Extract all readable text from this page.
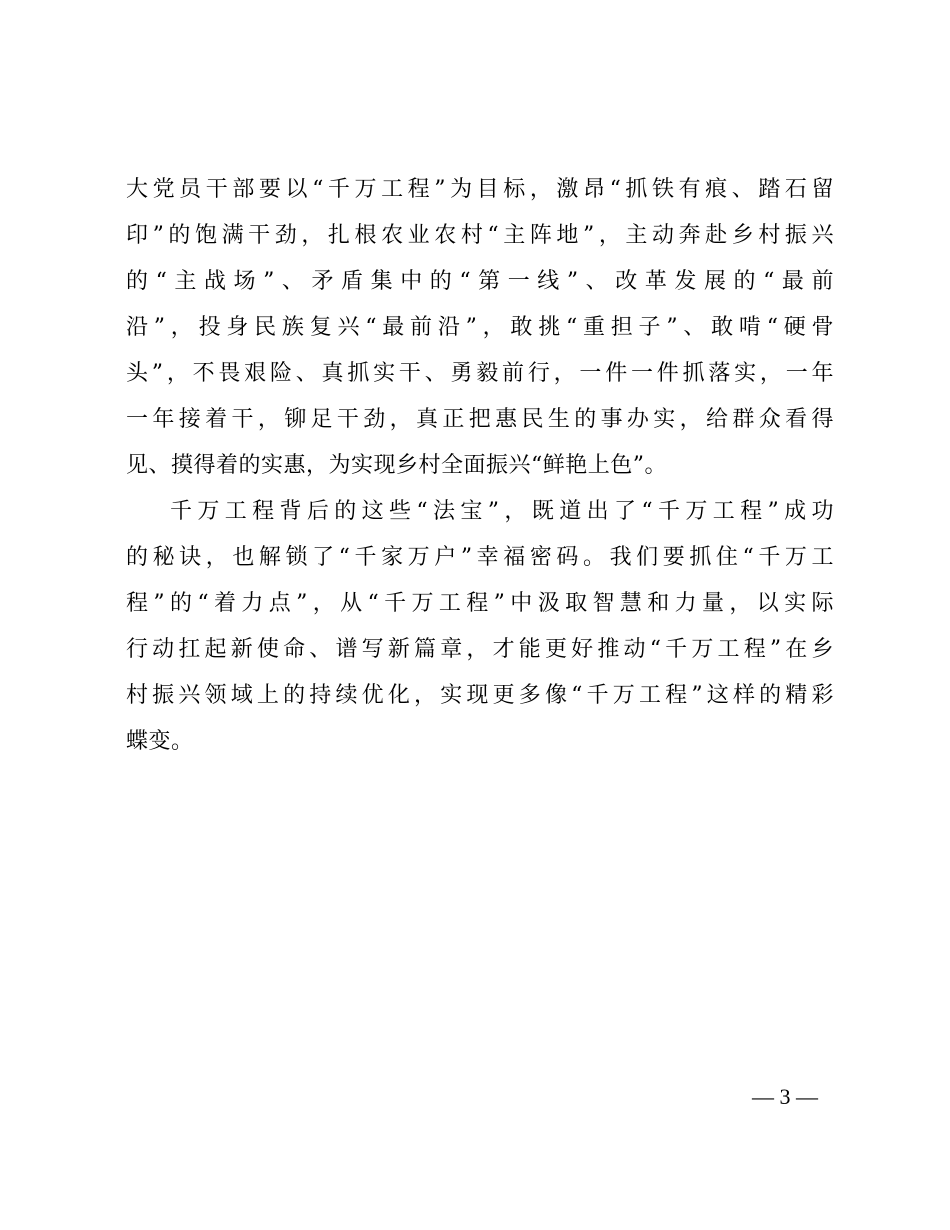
大党员干部要以“千万工程”为目标，激昂“抓铁有痕、踏石留
印”的饱满干劲，扎根农业农村“主阵地”，主动奔赴乡村振兴
的“主战场”、矛盾集中的“第一线”、改革发展的“最前
沿”，投身民族复兴“最前沿”，敢挑“重担子”、敢啃“硬骨
头”，不畏艰险、真抓实干、勇毅前行，一件一件抓落实，一年
一年接着干，铆足干劲，真正把惠民生的事办实，给群众看得
见、摸得着的实惠，为实现乡村全面振兴“鲜艳上色”。
千万工程背后的这些“法宝”，既道出了“千万工程”成功
的秘诀，也解锁了“千家万户”幸福密码。我们要抓住“千万工
程”的“着力点”，从“千万工程”中汲取智慧和力量，以实际
行动扛起新使命、谱写新篇章，才能更好推动“千万工程”在乡
村振兴领域上的持续优化，实现更多像“千万工程”这样的精彩
蝶变。
— 3 —
